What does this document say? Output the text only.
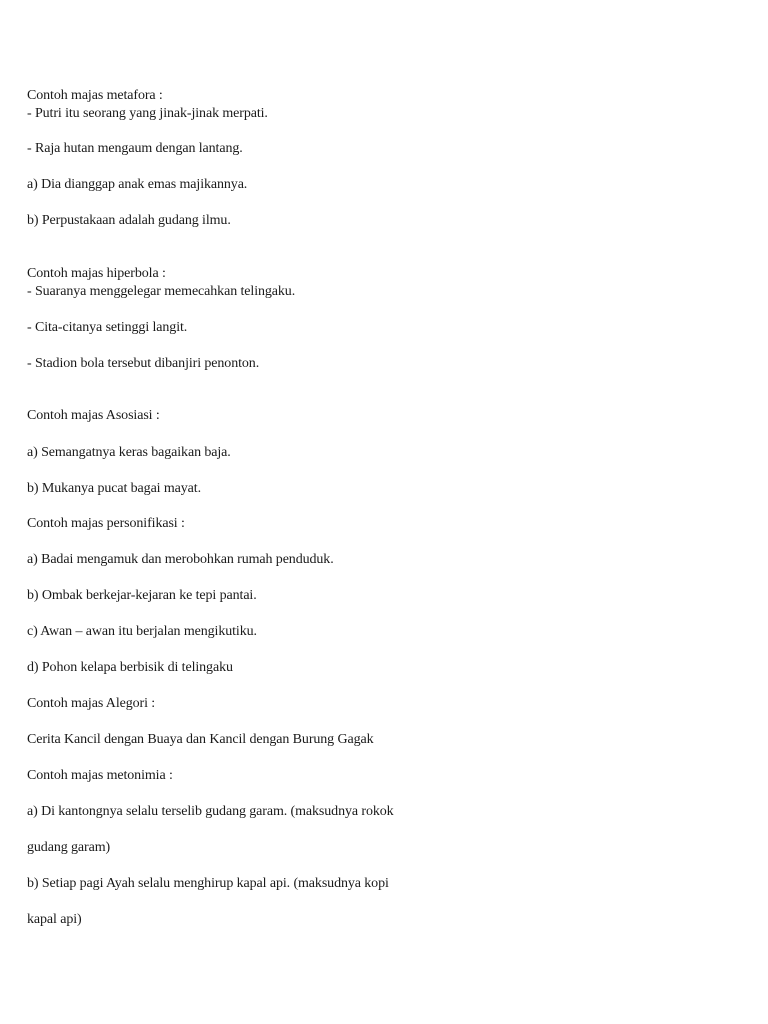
Contoh majas metafora :
- Putri itu seorang yang jinak-jinak merpati.
- Raja hutan mengaum dengan lantang.
a) Dia dianggap anak emas majikannya.
b) Perpustakaan adalah gudang ilmu.
Contoh majas hiperbola :
- Suaranya menggelegar memecahkan telingaku.
- Cita-citanya setinggi langit.
- Stadion bola tersebut dibanjiri penonton.
Contoh majas Asosiasi :
a) Semangatnya keras bagaikan baja.
b) Mukanya pucat bagai mayat.
Contoh majas personifikasi :
a) Badai mengamuk dan merobohkan rumah penduduk.
b) Ombak berkejar-kejaran ke tepi pantai.
c) Awan – awan itu berjalan mengikutiku.
d) Pohon kelapa berbisik di telingaku
Contoh majas Alegori :
Cerita Kancil dengan Buaya dan Kancil dengan Burung Gagak
Contoh majas metonimia :
a) Di kantongnya selalu terselib gudang garam. (maksudnya rokok
gudang garam)
b) Setiap pagi Ayah selalu menghirup kapal api. (maksudnya kopi
kapal api)
